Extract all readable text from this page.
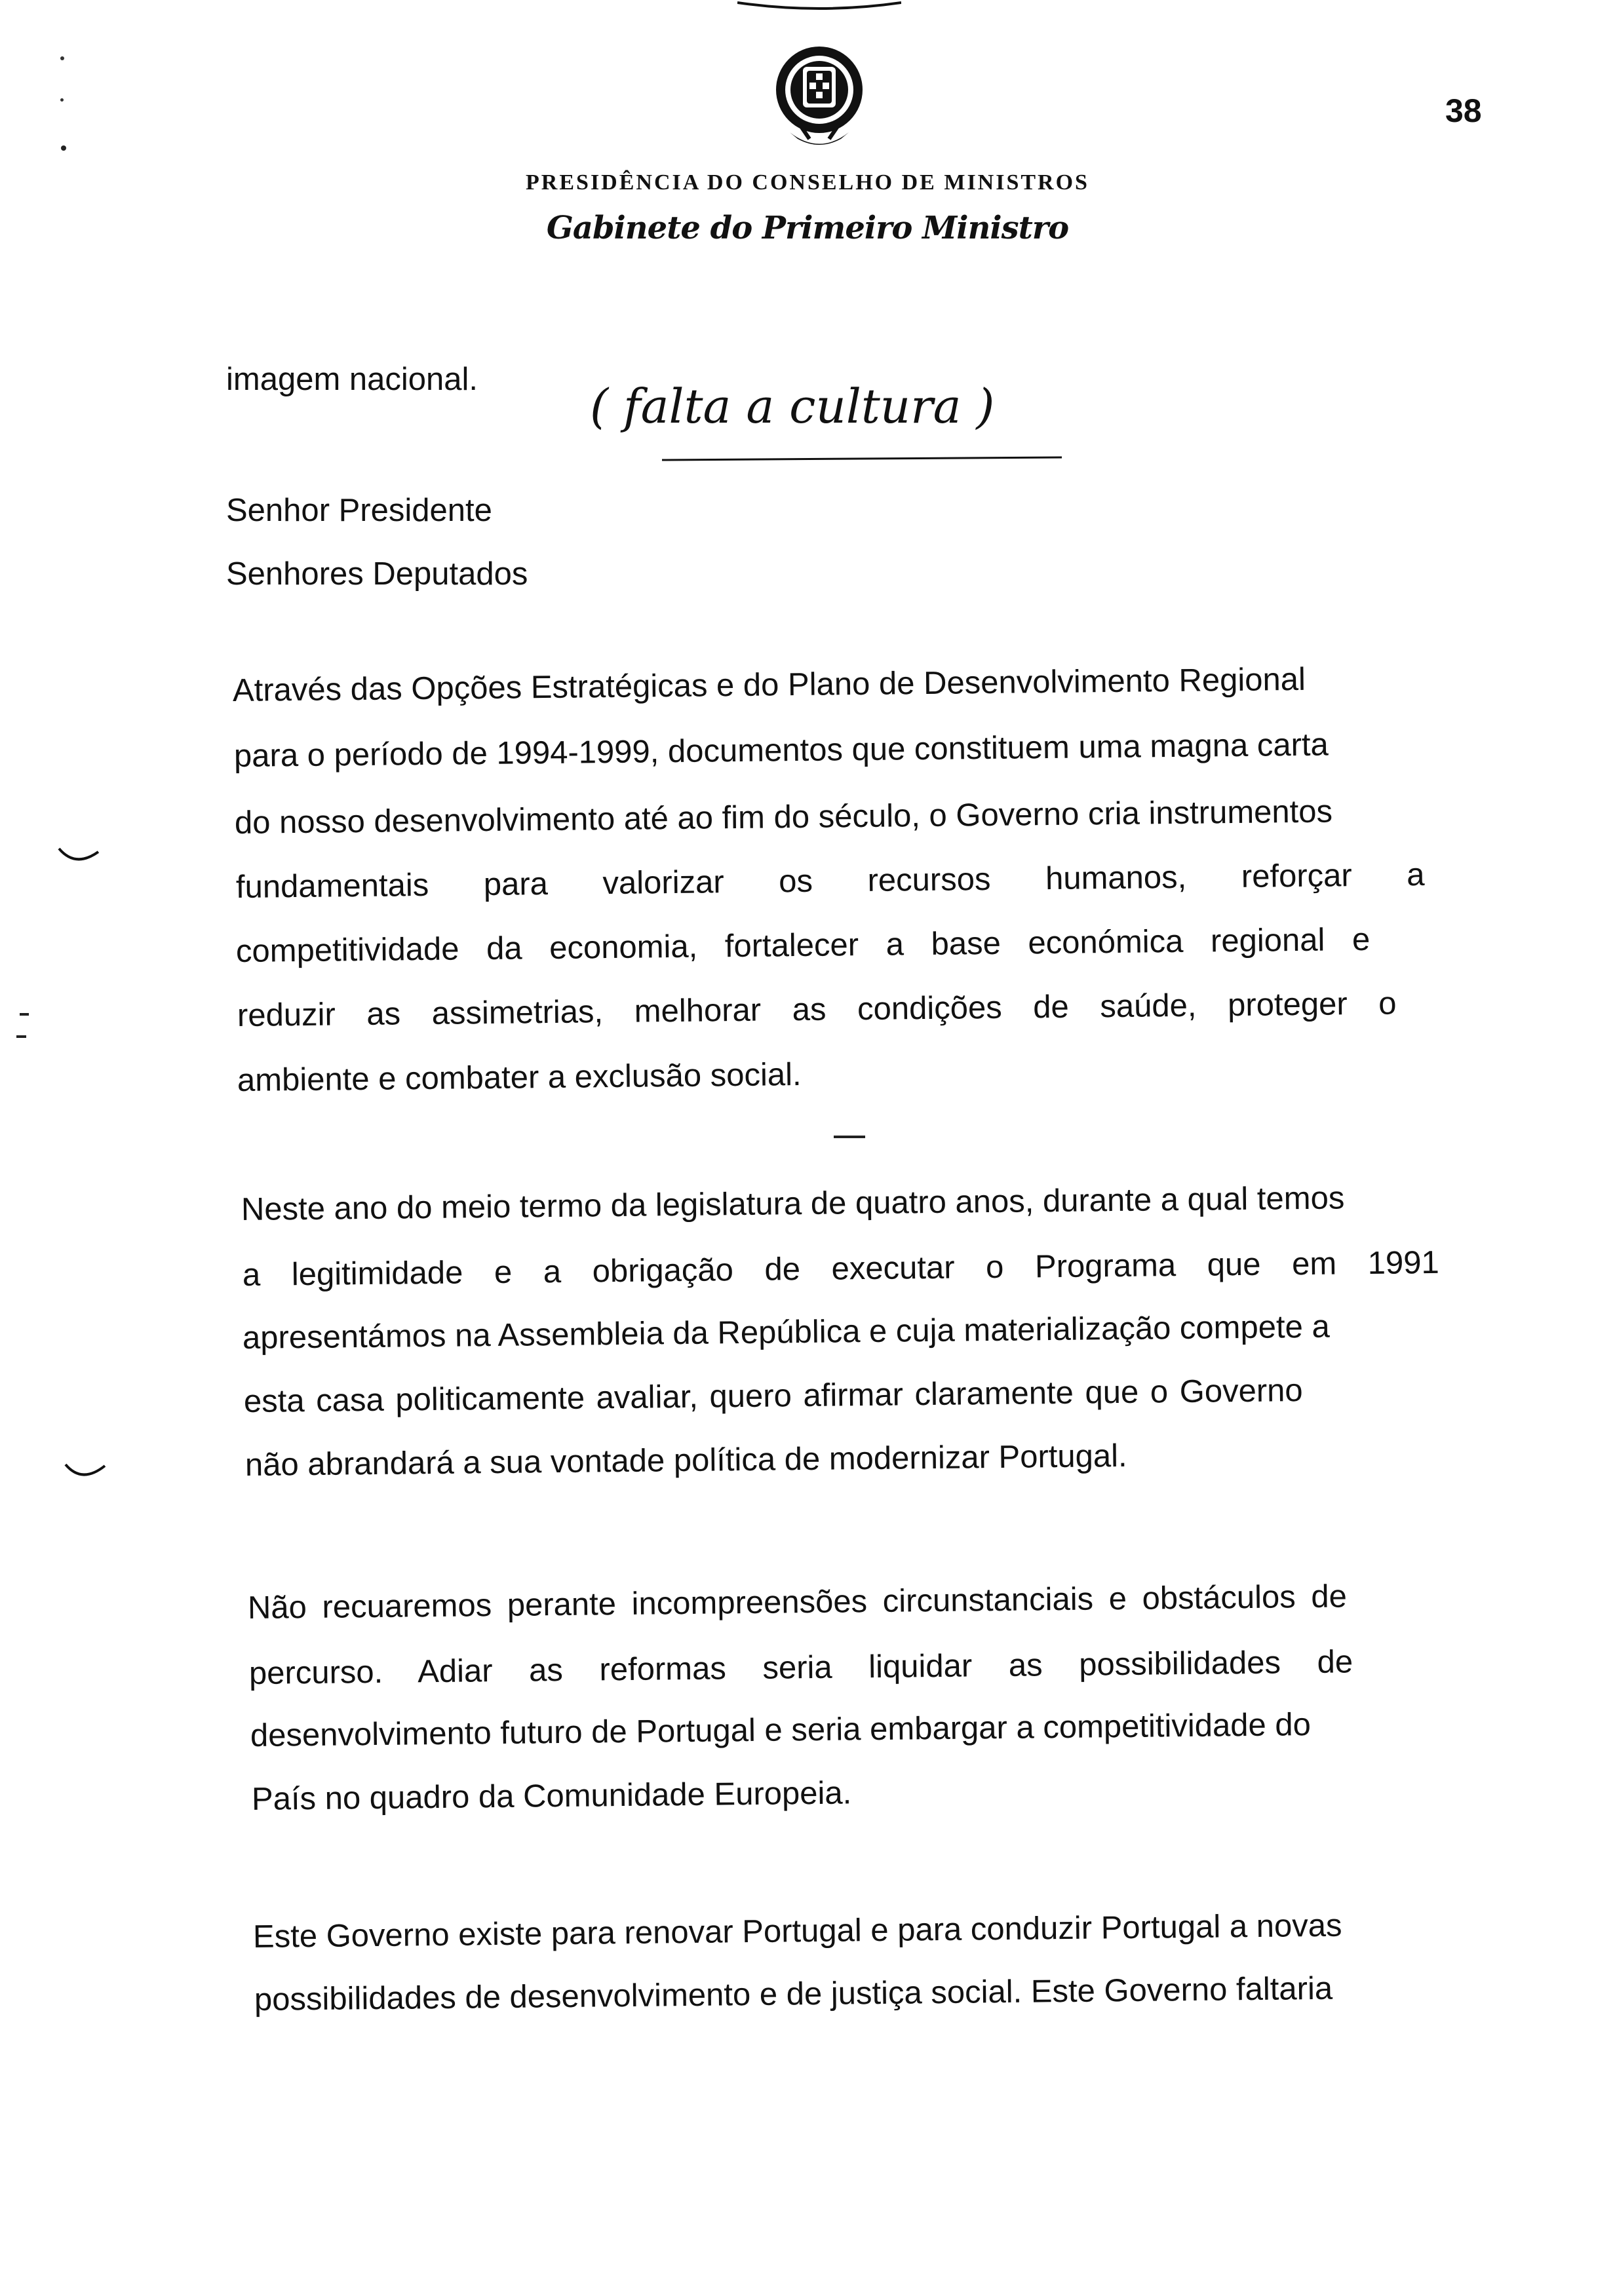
38
PRESIDÊNCIA DO CONSELHO DE MINISTROS
Gabinete do Primeiro Ministro
( falta a cultura )
imagem nacional.
Senhor Presidente
Senhores Deputados
Através das Opções Estratégicas e do Plano de Desenvolvimento Regional
para o período de 1994-1999, documentos que constituem uma magna carta
do nosso desenvolvimento até ao fim do século, o Governo cria instrumentos
fundamentais para valorizar os recursos humanos, reforçar a
competitividade da economia, fortalecer a base económica regional e
reduzir as assimetrias, melhorar as condições de saúde, proteger o
ambiente e combater a exclusão social.
Neste ano do meio termo da legislatura de quatro anos, durante a qual temos
a legitimidade e a obrigação de executar o Programa que em 1991
apresentámos na Assembleia da República e cuja materialização compete a
esta casa politicamente avaliar, quero afirmar claramente que o Governo
não abrandará a sua vontade política de modernizar Portugal.
Não recuaremos perante incompreensões circunstanciais e obstáculos de
percurso. Adiar as reformas seria liquidar as possibilidades de
desenvolvimento futuro de Portugal e seria embargar a competitividade do
País no quadro da Comunidade Europeia.
Este Governo existe para renovar Portugal e para conduzir Portugal a novas
possibilidades de desenvolvimento e de justiça social. Este Governo faltaria
